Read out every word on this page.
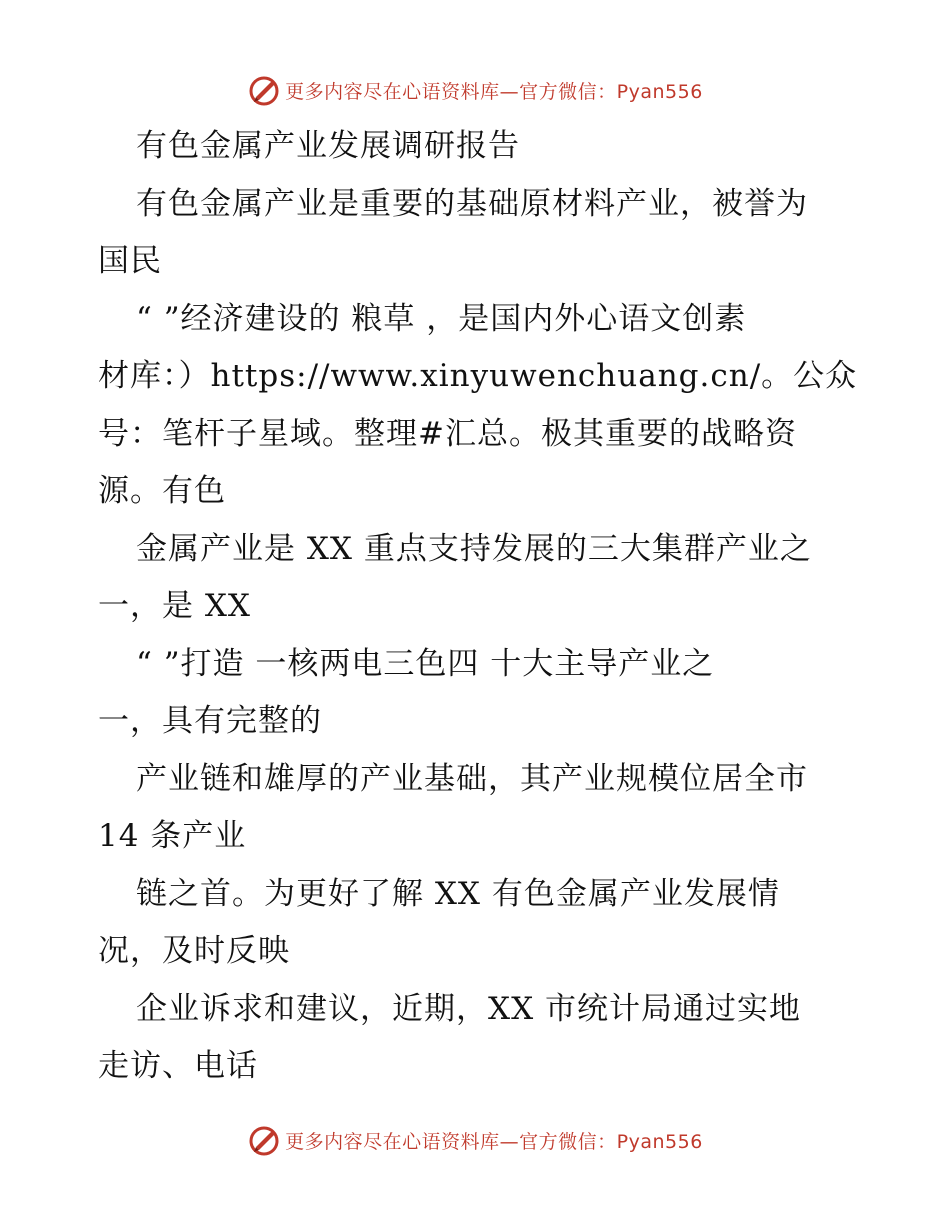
更多内容尽在心语资料库—官方微信：Pyan556
有色金属产业发展调研报告
有色金属产业是重要的基础原材料产业，被誉为
国民
“ ”经济建设的 粮草 ，是国内外心语文创素
材库：）https://www.xinyuwenchuang.cn/。公众
号：笔杆子星域。整理#汇总。极其重要的战略资
源。有色
金属产业是 XX 重点支持发展的三大集群产业之
一，是 XX
“ ”打造 一核两电三色四 十大主导产业之
一，具有完整的
产业链和雄厚的产业基础，其产业规模位居全市
14 条产业
链之首。为更好了解 XX 有色金属产业发展情
况，及时反映
企业诉求和建议，近期，XX 市统计局通过实地
走访、电话
更多内容尽在心语资料库—官方微信：Pyan556
